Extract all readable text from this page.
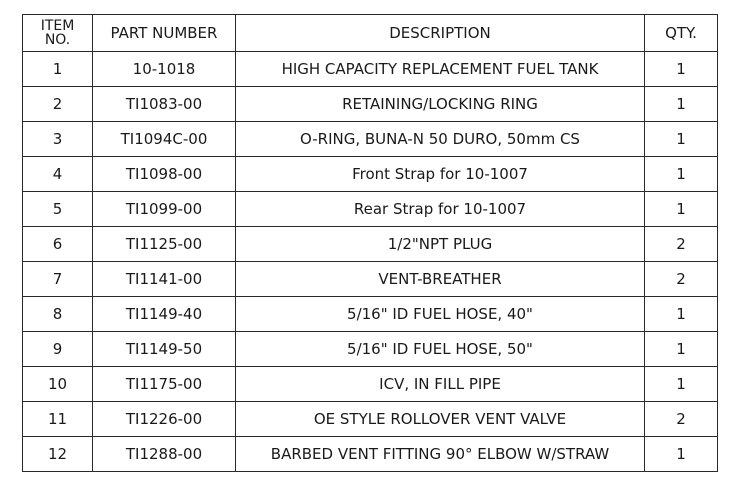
ITEM
NO.	PART NUMBER	DESCRIPTION	QTY.
1	10-1018	HIGH CAPACITY REPLACEMENT FUEL TANK	1
2	TI1083-00	RETAINING/LOCKING RING	1
3	TI1094C-00	O-RING, BUNA-N 50 DURO, 50mm CS	1
4	TI1098-00	Front Strap for 10-1007	1
5	TI1099-00	Rear Strap for 10-1007	1
6	TI1125-00	1/2"NPT PLUG	2
7	TI1141-00	VENT-BREATHER	2
8	TI1149-40	5/16" ID FUEL HOSE, 40"	1
9	TI1149-50	5/16" ID FUEL HOSE, 50"	1
10	TI1175-00	ICV, IN FILL PIPE	1
11	TI1226-00	OE STYLE ROLLOVER VENT VALVE	2
12	TI1288-00	BARBED VENT FITTING 90° ELBOW W/STRAW	1
